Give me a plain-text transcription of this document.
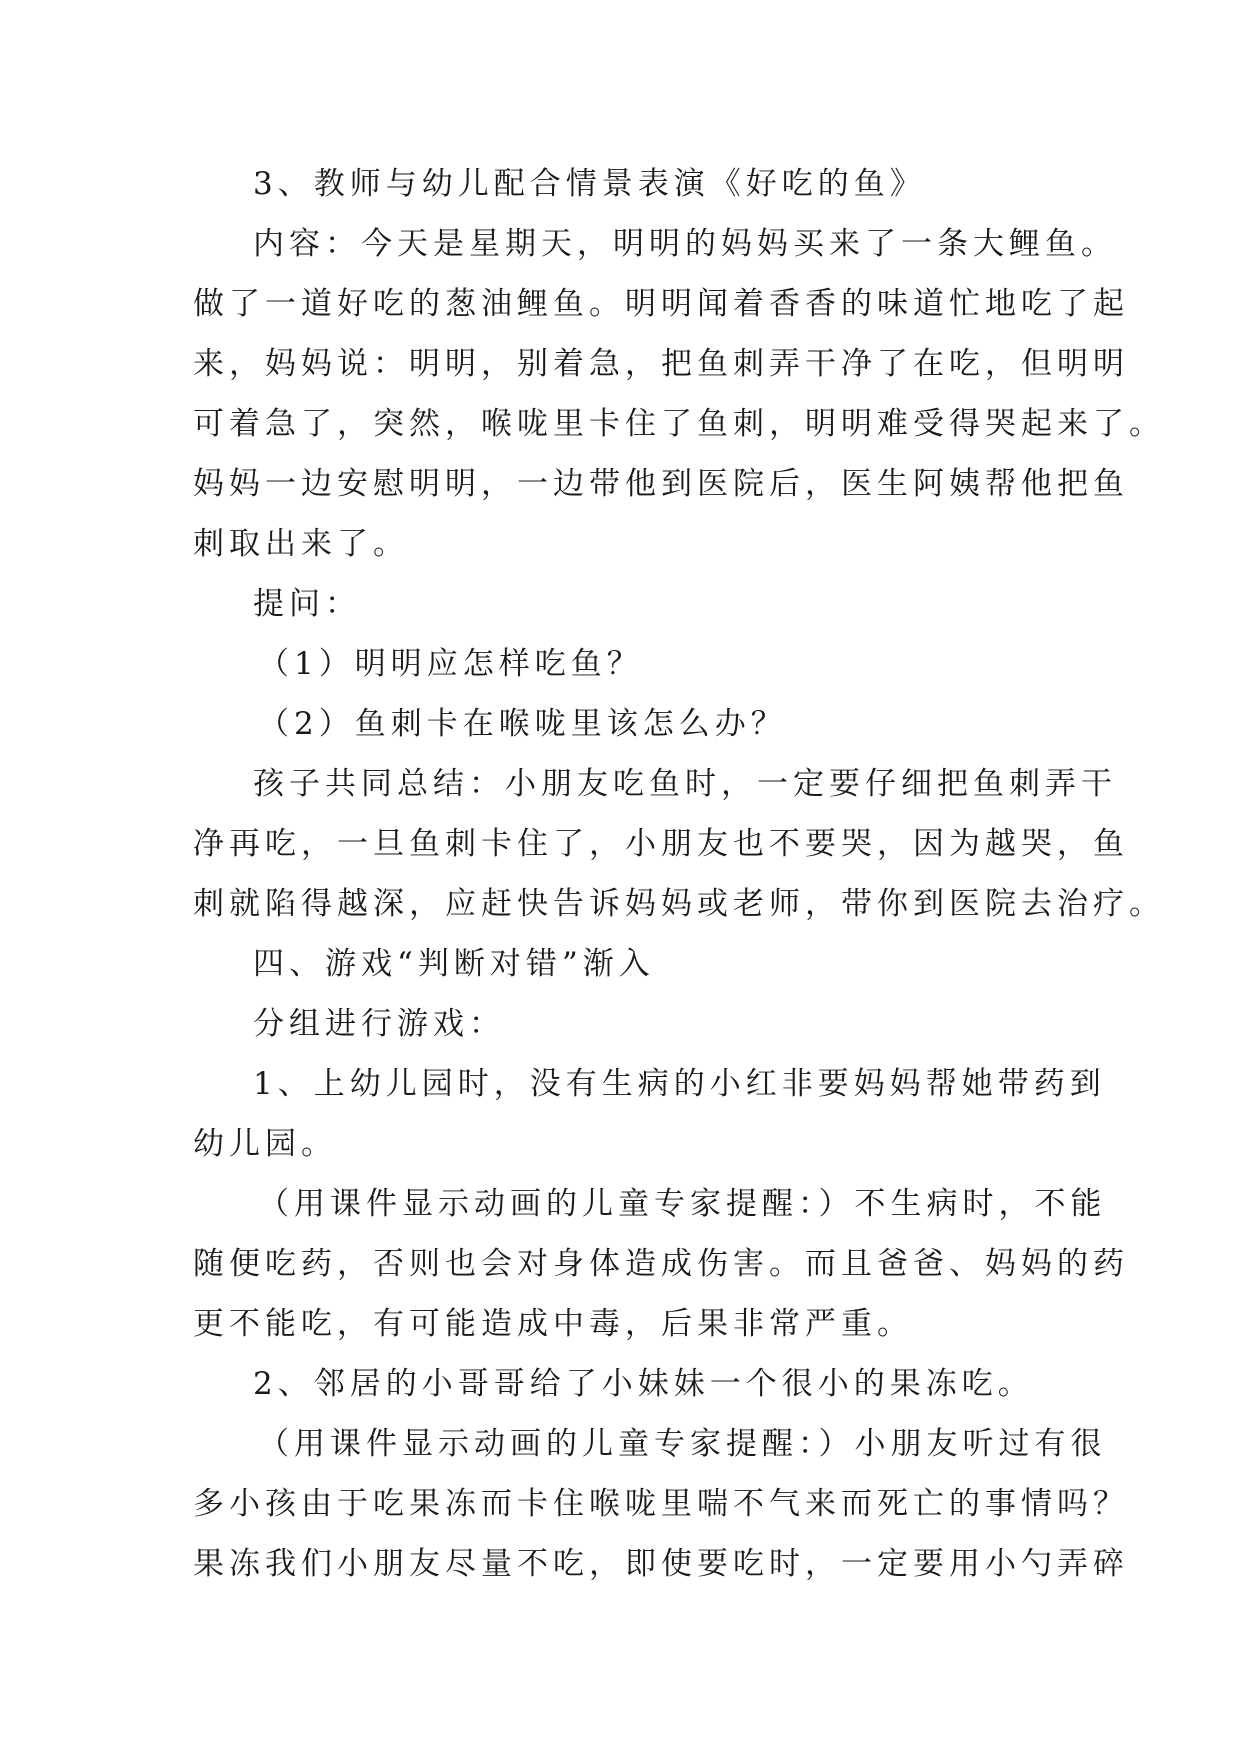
3、教师与幼儿配合情景表演《好吃的鱼》
内容：今天是星期天，明明的妈妈买来了一条大鲤鱼。
做了一道好吃的葱油鲤鱼。明明闻着香香的味道忙地吃了起
来，妈妈说：明明，别着急，把鱼刺弄干净了在吃，但明明
可着急了，突然，喉咙里卡住了鱼刺，明明难受得哭起来了。
妈妈一边安慰明明，一边带他到医院后，医生阿姨帮他把鱼
刺取出来了。
提问：
（1）明明应怎样吃鱼？
（2）鱼刺卡在喉咙里该怎么办？
孩子共同总结：小朋友吃鱼时，一定要仔细把鱼刺弄干
净再吃，一旦鱼刺卡住了，小朋友也不要哭，因为越哭，鱼
刺就陷得越深，应赶快告诉妈妈或老师，带你到医院去治疗。
四、游戏“判断对错”渐入
分组进行游戏：
1、上幼儿园时，没有生病的小红非要妈妈帮她带药到
幼儿园。
（用课件显示动画的儿童专家提醒：）不生病时，不能
随便吃药，否则也会对身体造成伤害。而且爸爸、妈妈的药
更不能吃，有可能造成中毒，后果非常严重。
2、邻居的小哥哥给了小妹妹一个很小的果冻吃。
（用课件显示动画的儿童专家提醒：）小朋友听过有很
多小孩由于吃果冻而卡住喉咙里喘不气来而死亡的事情吗？
果冻我们小朋友尽量不吃，即使要吃时，一定要用小勺弄碎
